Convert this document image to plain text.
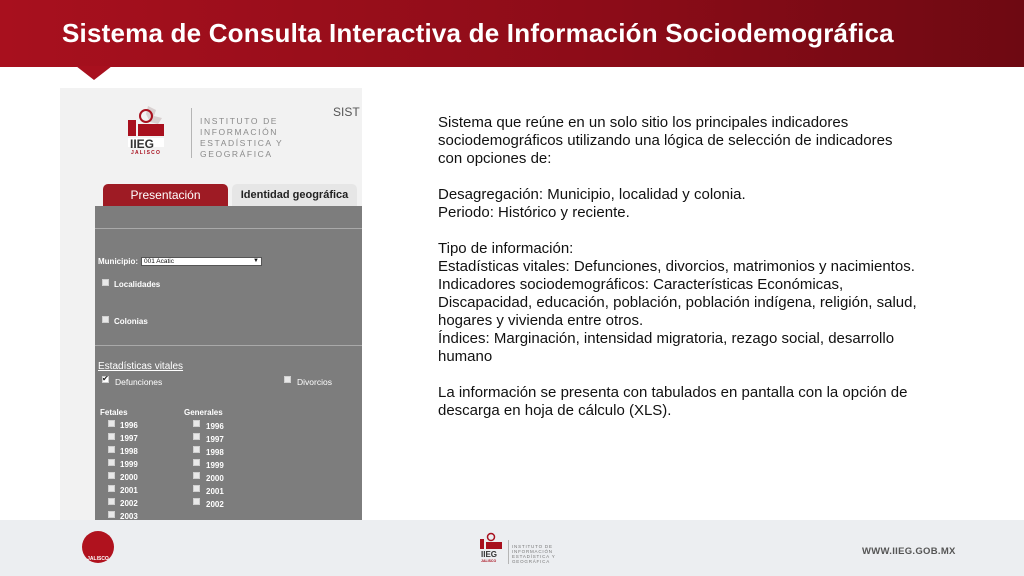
Sistema de Consulta Interactiva de Información Sociodemográfica
IIEG
JALISCO
INSTITUTO DE
INFORMACIÓN
ESTADÍSTICA Y
GEOGRÁFICA
SIST
Presentación	Identidad geográfica
Municipio: 001 Acatic	▼
Localidades
Colonias
Estadísticas vitales
✔
Defunciones	Divorcios
Fetales	Generales
1996
1997
1998
1999
2000
2001
2002
2003
1996
1997
1998
1999
2000
2001
2002

Sistema que reúne en un solo sitio los principales indicadores sociodemográficos utilizando una lógica de selección de indicadores con opciones de:

Desagregación: Municipio, localidad y colonia.

Periodo: Histórico y reciente.

Tipo de información:

Estadísticas vitales: Defunciones, divorcios, matrimonios y nacimientos.

Indicadores sociodemográficos: Características Económicas, Discapacidad, educación, población, población indígena, religión, salud, hogares y vivienda entre otros.

Índices: Marginación, intensidad migratoria, rezago social, desarrollo humano

La información se presenta con tabulados en pantalla con la opción de descarga en hoja de cálculo (XLS).

JALISCO	IIEG
JALISCO
INSTITUTO DE
INFORMACIÓN
ESTADÍSTICA Y
GEOGRÁFICA
WWW.IIEG.GOB.MX
